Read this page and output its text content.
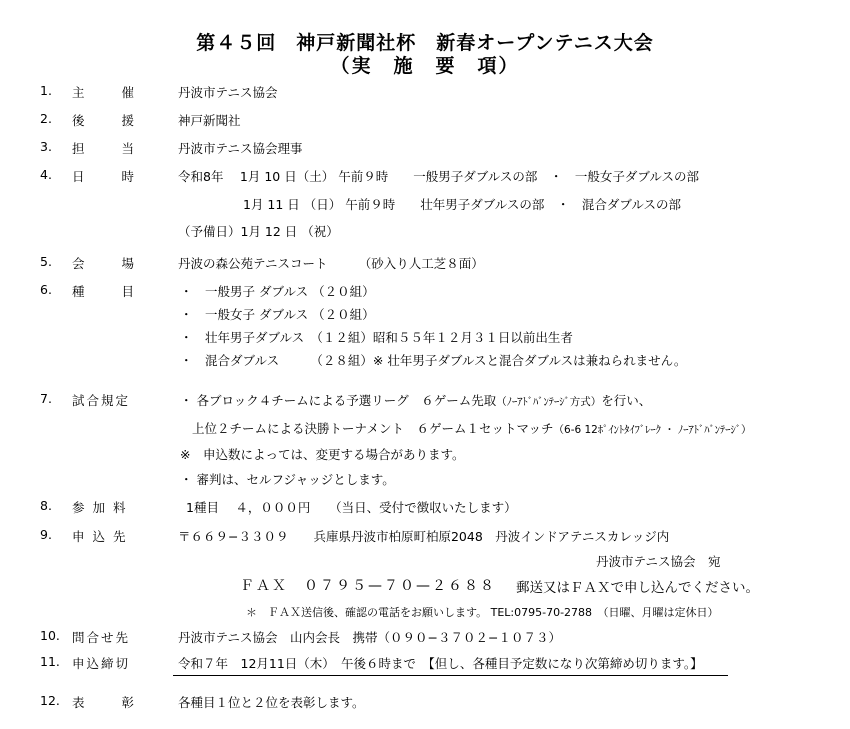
第４５回　神戸新聞社杯　新春オープンテニス大会
（実　施　要　項）
1. 主	催	丹波市テニス協会
2. 後	援	神戸新聞社
3. 担	当	丹波市テニス協会理事
4. 日	時	令和8年　 1月 10 日（土） 午前９時　　一般男子ダブルスの部　・　一般女子ダブルスの部
1月 11 日 （日） 午前９時　　壮年男子ダブルスの部　・　混合ダブルスの部
（予備日）1月 12 日 （祝）
5. 会	場	丹波の森公苑テニスコート　　　（砂入り人工芝８面）
6. 種	目	・　一般男子 ダブルス （２０組）
・　一般女子 ダブルス （２０組）
・　壮年男子ダブルス　（１２組）昭和５５年１２月３１日以前出生者
・　混合ダブルス　　　（２８組）※ 壮年男子ダブルスと混合ダブルスは兼ねられません。
7. 試合規定	・ 各ブロック４チームによる予選リーグ　６ゲーム先取（ﾉｰｱﾄﾞﾊﾞﾝﾃｰｼﾞ方式）を行い、
上位２チームによる決勝トーナメント　６ゲーム１セットマッチ（6-6 12ﾎﾟｲﾝﾄﾀｲﾌﾞﾚｰｸ ・ ﾉｰｱﾄﾞﾊﾞﾝﾃｰｼﾞ）
※　申込数によっては、変更する場合があります。
・ 審判は、セルフジャッジとします。
8. 参 加 料	1種目　 ４，０００円　　（当日、受付で徴収いたします）
9. 申 込 先	〒６６９−３３０９　　兵庫県丹波市柏原町柏原2048　丹波インドアテニスカレッジ内
丹波市テニス協会　宛
ＦＡＸ　０７９５—７０—２６８８ 郵送又はＦＡＸで申し込んでください。
＊　ＦＡＸ送信後、確認の電話をお願いします。 TEL:0795-70-2788　（日曜、月曜は定休日）
10. 問合せ先	丹波市テニス協会　山内会長　携帯（０９０−３７０２−１０７３）
11. 申込締切	令和７年　12月11日（木）　午後６時まで　【但し、各種目予定数になり次第締め切ります。】
12. 表	彰	各種目１位と２位を表彰します。
